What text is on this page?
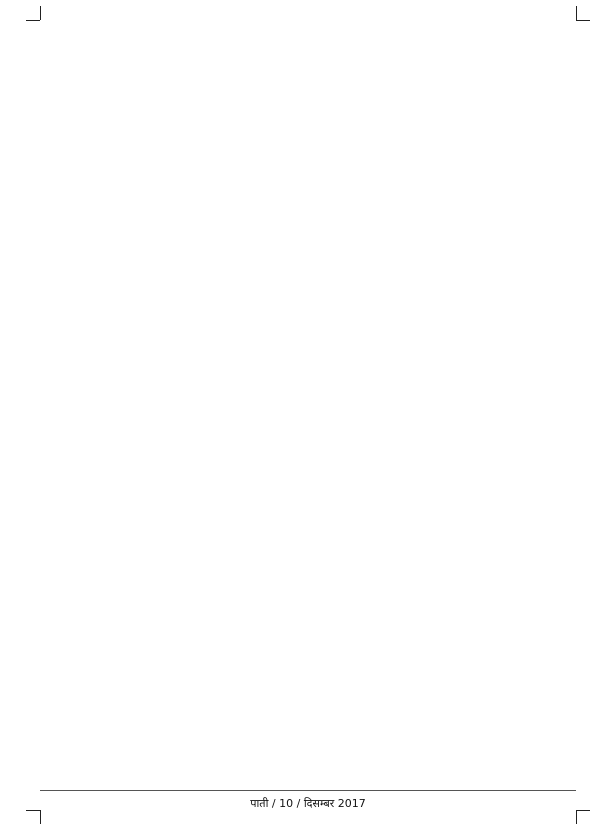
पाती / 10 / दिसम्बर 2017
